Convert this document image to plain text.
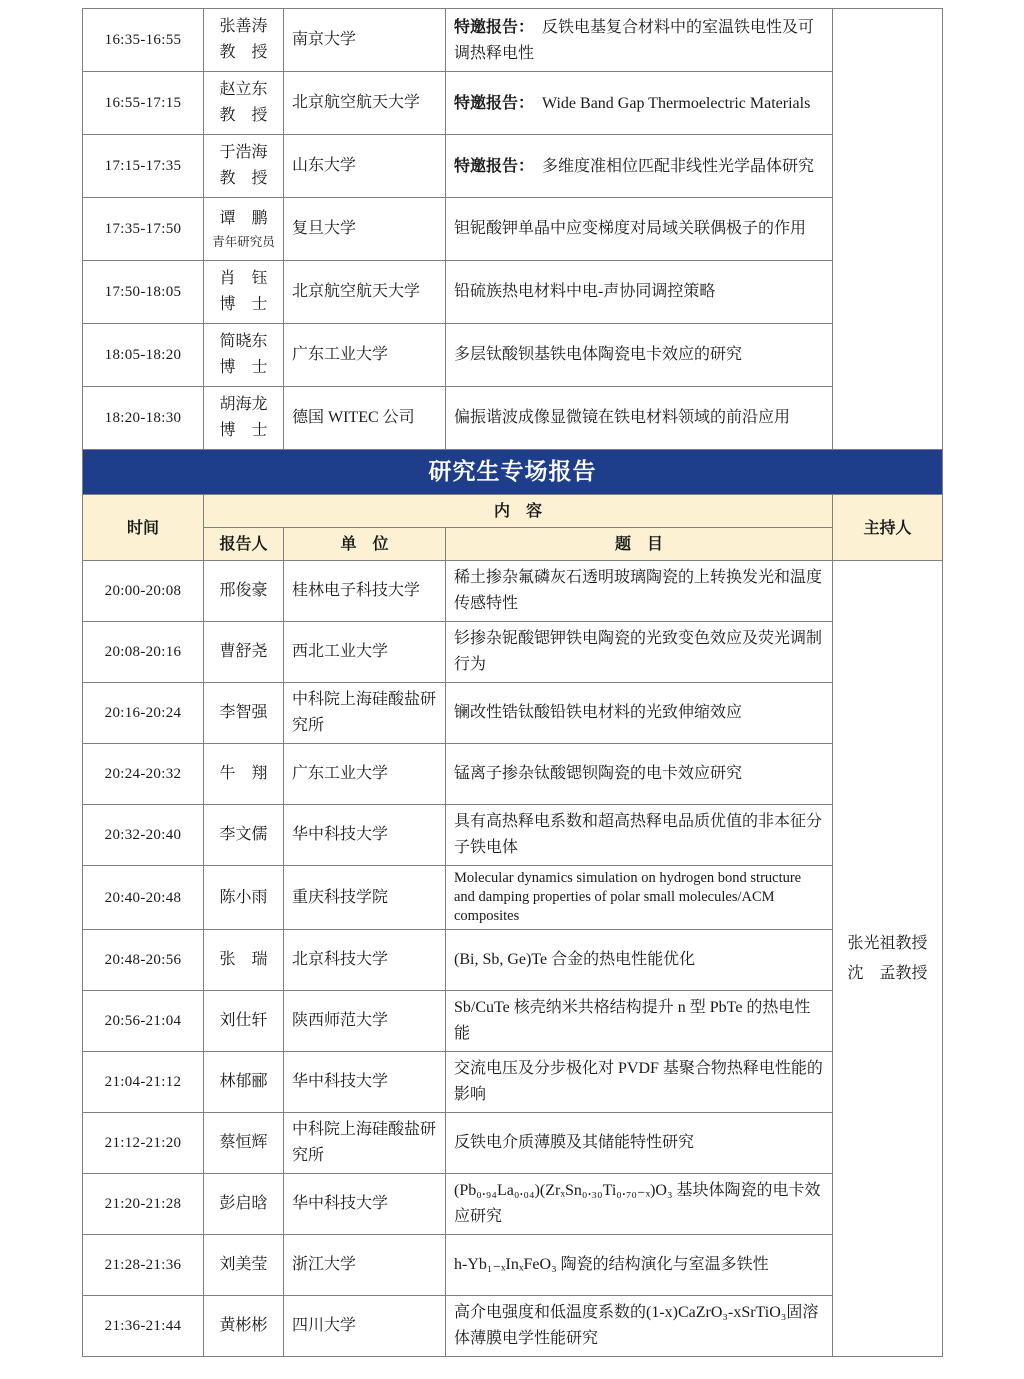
16:35-16:55	张善涛
教　授	南京大学	特邀报告： 反铁电基复合材料中的室温铁电性及可调热释电性	
16:55-17:15	赵立东
教　授	北京航空航天大学	特邀报告： Wide Band Gap Thermoelectric Materials	
17:15-17:35	于浩海
教　授	山东大学	特邀报告： 多维度准相位匹配非线性光学晶体研究	
17:35-17:50	谭　鹏
青年研究员	复旦大学	钽铌酸钾单晶中应变梯度对局域关联偶极子的作用	
17:50-18:05	肖　钰
博　士	北京航空航天大学	铅硫族热电材料中电-声协同调控策略	
18:05-18:20	简晓东
博　士	广东工业大学	多层钛酸钡基铁电体陶瓷电卡效应的研究	
18:20-18:30	胡海龙
博　士	德国 WITEC 公司	偏振谐波成像显微镜在铁电材料领域的前沿应用	
研究生专场报告				
时间	内　容			主持人
	报告人	单　位	题　目	
20:00-20:08	邢俊豪	桂林电子科技大学	稀土掺杂氟磷灰石透明玻璃陶瓷的上转换发光和温度传感特性	张光祖教授
沈　孟教授

20:08-20:16	曹舒尧	西北工业大学	钐掺杂铌酸锶钾铁电陶瓷的光致变色效应及荧光调制行为	
20:16-20:24	李智强	中科院上海硅酸盐研究所	镧改性锆钛酸铅铁电材料的光致伸缩效应	
20:24-20:32	牛　翔	广东工业大学	锰离子掺杂钛酸锶钡陶瓷的电卡效应研究	
20:32-20:40	李文儒	华中科技大学	具有高热释电系数和超高热释电品质优值的非本征分子铁电体	
20:40-20:48	陈小雨	重庆科技学院	Molecular dynamics simulation on hydrogen bond structure and damping properties of polar small molecules/ACM composites	
20:48-20:56	张　瑞	北京科技大学	(Bi, Sb, Ge)Te 合金的热电性能优化	
20:56-21:04	刘仕轩	陕西师范大学	Sb/CuTe 核壳纳米共格结构提升 n 型 PbTe 的热电性能	
21:04-21:12	林郁郦	华中科技大学	交流电压及分步极化对 PVDF 基聚合物热释电性能的影响	
21:12-21:20	蔡恒辉	中科院上海硅酸盐研究所	反铁电介质薄膜及其储能特性研究	
21:20-21:28	彭启晗	华中科技大学	(Pb₀.₉₄La₀.₀₄)(ZrₓSn₀.₃₀Ti₀.₇₀₋ₓ)O₃ 基块体陶瓷的电卡效应研究	
21:28-21:36	刘美莹	浙江大学	h-Yb₁₋ₓInₓFeO₃ 陶瓷的结构演化与室温多铁性	
21:36-21:44	黄彬彬	四川大学	高介电强度和低温度系数的(1-x)CaZrO₃-xSrTiO₃固溶体薄膜电学性能研究	
